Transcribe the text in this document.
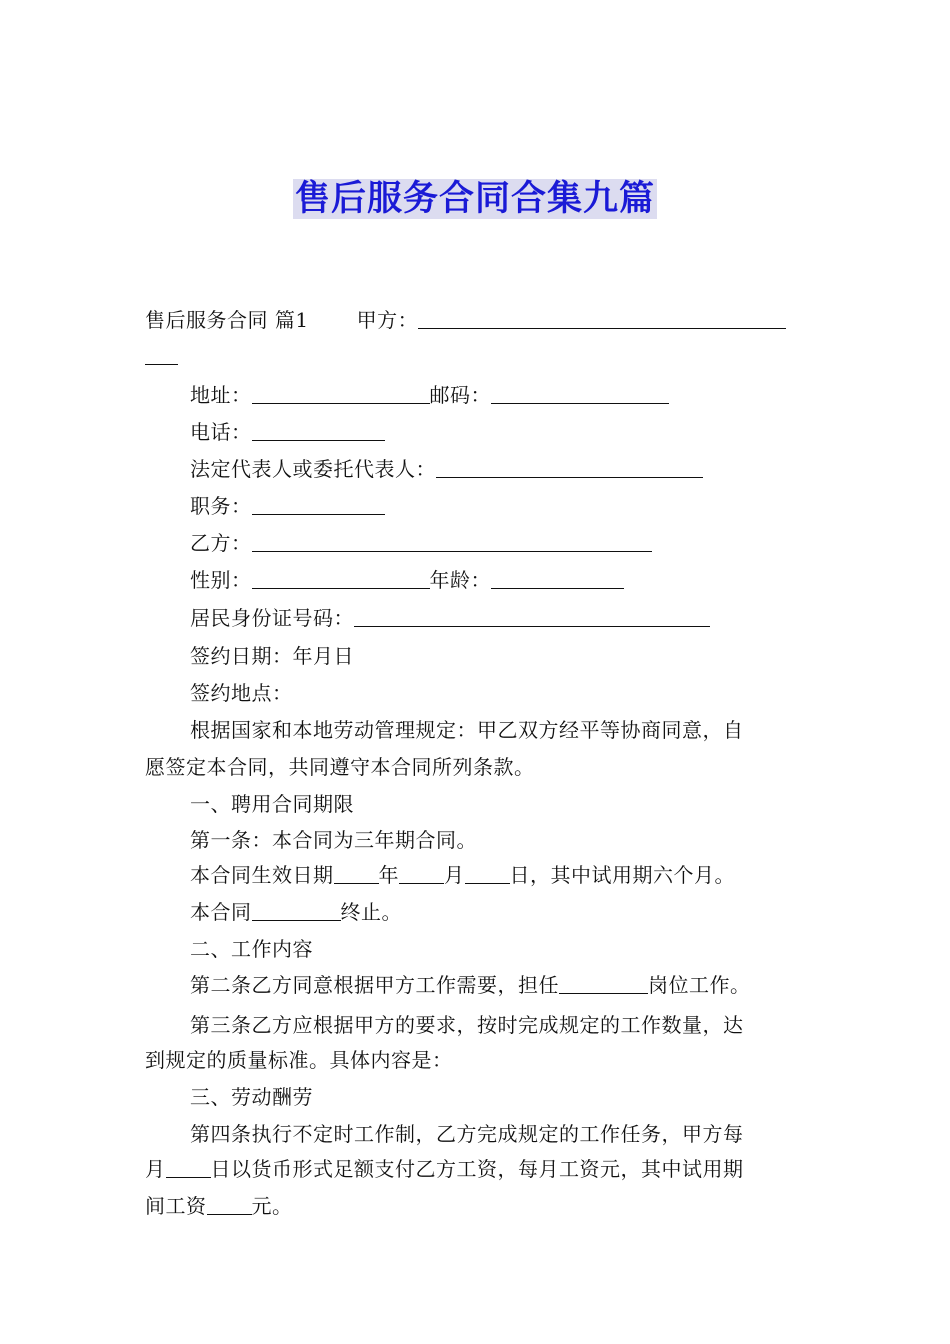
售后服务合同合集九篇
售后服务合同 篇1 甲方：
地址：	邮码：
电话：
法定代表人或委托代表人：
职务：
乙方：
性别：	年龄：
居民身份证号码：
签约日期：年月日
签约地点：
根据国家和本地劳动管理规定：甲乙双方经平等协商同意，自
愿签定本合同，共同遵守本合同所列条款。
一、聘用合同期限
第一条：本合同为三年期合同。
本合同生效日期 年 月 日，其中试用期六个月。
本合同	终止。
二、工作内容
第二条乙方同意根据甲方工作需要，担任	岗位工作。
第三条乙方应根据甲方的要求，按时完成规定的工作数量，达
到规定的质量标准。具体内容是：
三、劳动酬劳
第四条执行不定时工作制，乙方完成规定的工作任务，甲方每
月 日以货币形式足额支付乙方工资，每月工资元，其中试用期
间工资 元。
